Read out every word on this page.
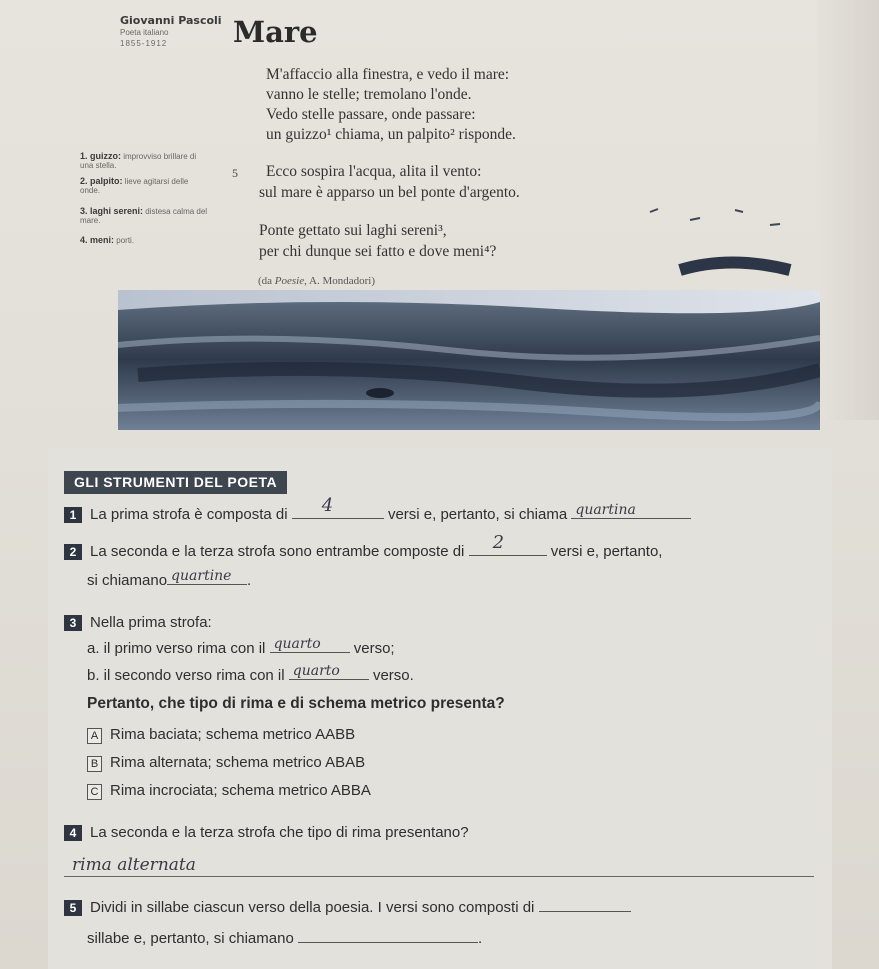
Giovanni Pascoli
Poeta italiano
1855-1912 Mare
M'affaccio alla finestra, e vedo il mare:
vanno le stelle; tremolano l'onde.
Vedo stelle passare, onde passare:
un guizzo¹ chiama, un palpito² risponde.
5 Ecco sospira l'acqua, alita il vento:
sul mare è apparso un bel ponte d'argento.
Ponte gettato sui laghi sereni³,
per chi dunque sei fatto e dove meni⁴?
(da Poesie, A. Mondadori)
1. guizzo: improvviso brillare di una stella.
2. palpito: lieve agitarsi delle onde.
3. laghi sereni: distesa calma del mare.
4. meni: porti.
GLI STRUMENTI DEL POETA
1 La prima strofa è composta di 4	versi e, pertanto, si chiama quartina
2 La seconda e la terza strofa sono entrambe composte di 2	versi e, pertanto,
si chiamano quartine .
3 Nella prima strofa:
a. il primo verso rima con il quarto verso;
b. il secondo verso rima con il quarto verso.
Pertanto, che tipo di rima e di schema metrico presenta?
A Rima baciata; schema metrico AABB
B Rima alternata; schema metrico ABAB
C Rima incrociata; schema metrico ABBA
4 La seconda e la terza strofa che tipo di rima presentano?
rima alternata
5 Dividi in sillabe ciascun verso della poesia. I versi sono composti di
sillabe e, pertanto, si chiamano	.
